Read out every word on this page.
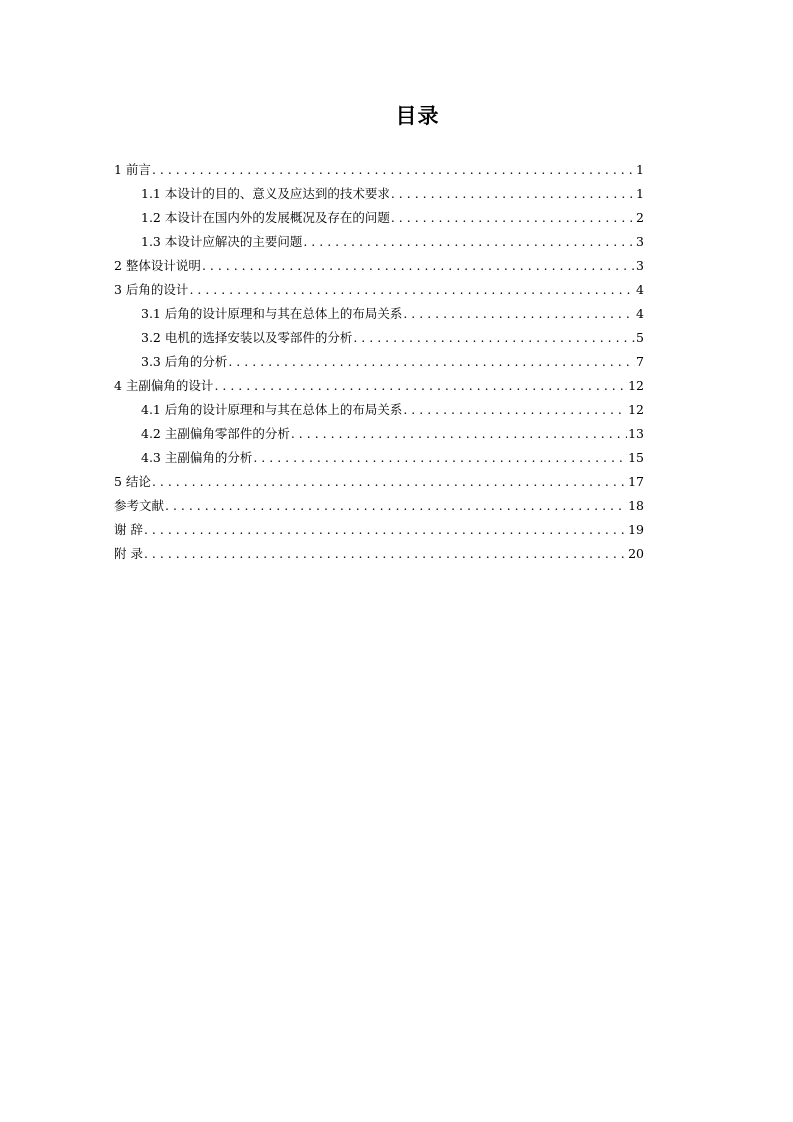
目录
1 前言 . . .	1
1.1 本设计的目的、意义及应达到的技术要求 . . .	1
1.2 本设计在国内外的发展概况及存在的问题 . . .	2
1.3 本设计应解决的主要问题 . . .	3
2 整体设计说明 . . .	3
3 后角的设计 . . .	4
3.1 后角的设计原理和与其在总体上的布局关系 . . .	4
3.2 电机的选择安装以及零部件的分析 . . .	5
3.3 后角的分析 . . .	7
4 主副偏角的设计 . . .	12
4.1 后角的设计原理和与其在总体上的布局关系 . . .	12
4.2 主副偏角零部件的分析 . . .	13
4.3 主副偏角的分析 . . .	15
5 结论 . . .	17
参考文献 . . .	18
谢 辞 . . .	19
附 录 . . .	20
